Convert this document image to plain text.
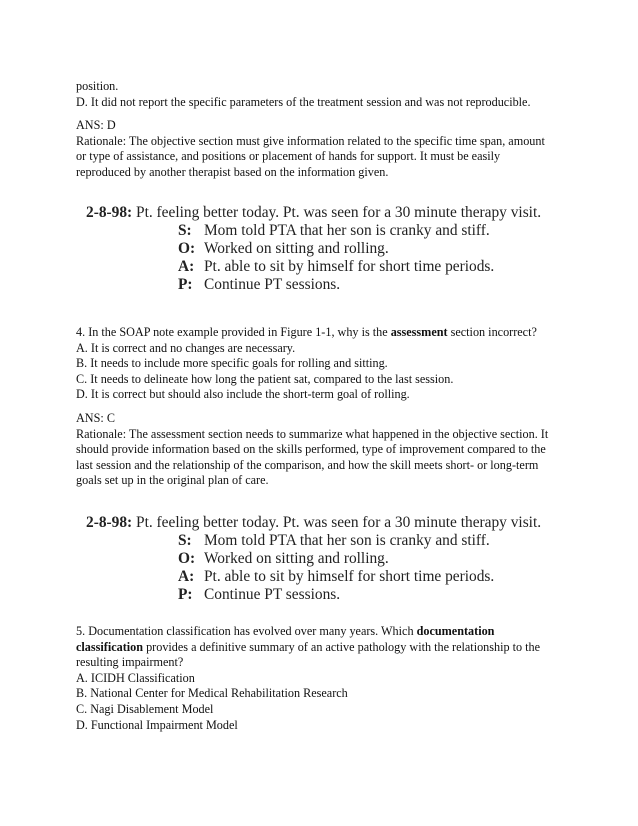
position.
D. It did not report the specific parameters of the treatment session and was not reproducible.
ANS: D
Rationale: The objective section must give information related to the specific time span, amount
or type of assistance, and positions or placement of hands for support. It must be easily
reproduced by another therapist based on the information given.
2-8-98: Pt. feeling better today. Pt. was seen for a 30 minute therapy visit.
S: Mom told PTA that her son is cranky and stiff.
O: Worked on sitting and rolling.
A: Pt. able to sit by himself for short time periods.
P: Continue PT sessions.
4. In the SOAP note example provided in Figure 1-1, why is the assessment section incorrect?
A. It is correct and no changes are necessary.
B. It needs to include more specific goals for rolling and sitting.
C. It needs to delineate how long the patient sat, compared to the last session.
D. It is correct but should also include the short-term goal of rolling.
ANS: C
Rationale: The assessment section needs to summarize what happened in the objective section. It
should provide information based on the skills performed, type of improvement compared to the
last session and the relationship of the comparison, and how the skill meets short- or long-term
goals set up in the original plan of care.
2-8-98: Pt. feeling better today. Pt. was seen for a 30 minute therapy visit.
S: Mom told PTA that her son is cranky and stiff.
O: Worked on sitting and rolling.
A: Pt. able to sit by himself for short time periods.
P: Continue PT sessions.
5. Documentation classification has evolved over many years. Which documentation
classification provides a definitive summary of an active pathology with the relationship to the
resulting impairment?
A. ICIDH Classification
B. National Center for Medical Rehabilitation Research
C. Nagi Disablement Model
D. Functional Impairment Model
